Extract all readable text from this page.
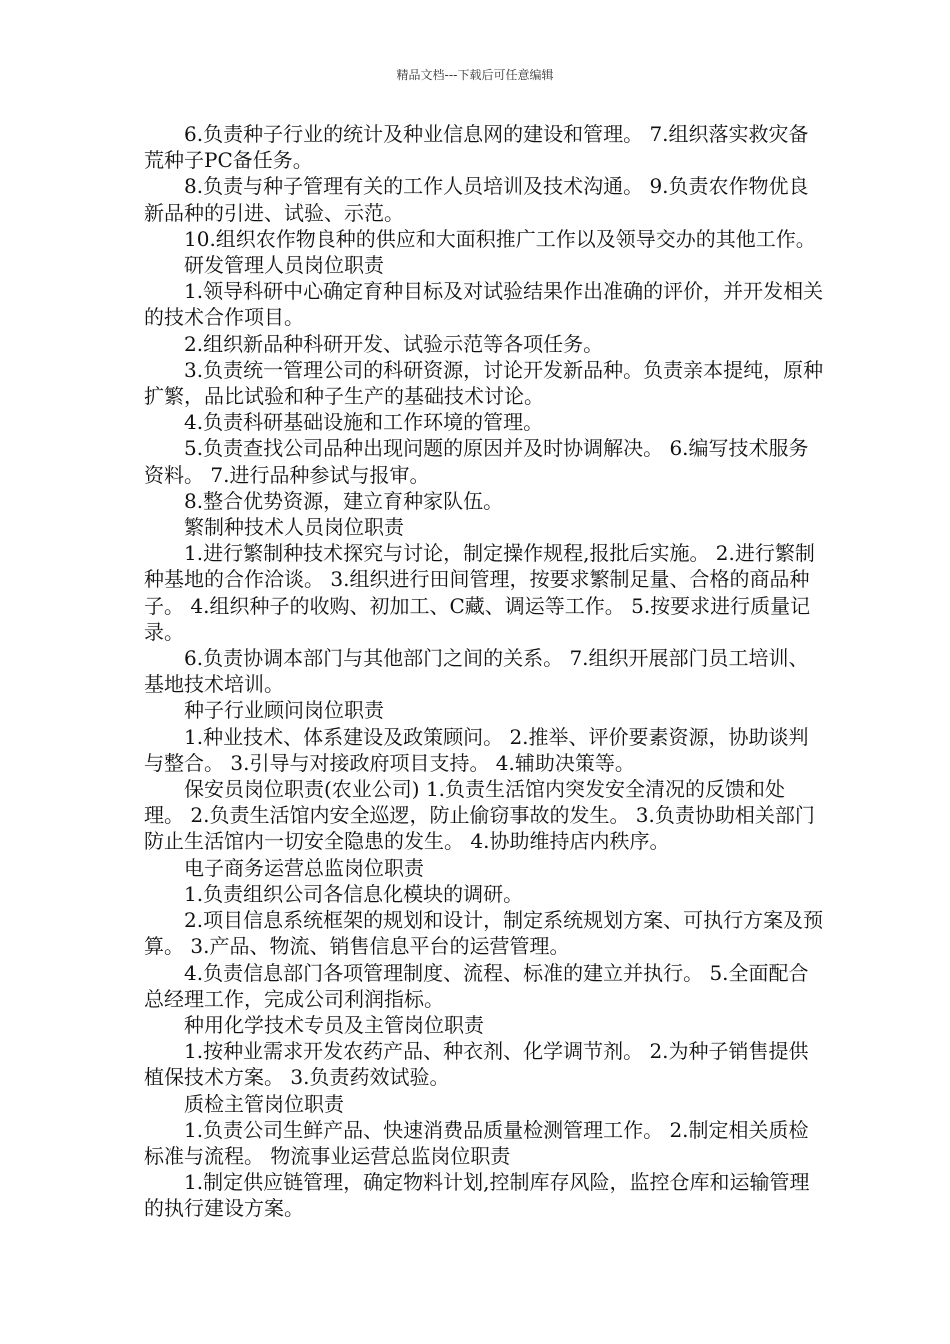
精品文档---下载后可任意编辑

6.负责种子行业的统计及种业信息网的建设和管理。 7.组织落实救灾备荒种子PC备任务。

8.负责与种子管理有关的工作人员培训及技术沟通。 9.负责农作物优良新品种的引进、试验、示范。

10.组织农作物良种的供应和大面积推广工作以及领导交办的其他工作。

研发管理人员岗位职责

1.领导科研中心确定育种目标及对试验结果作出准确的评价，并开发相关的技术合作项目。

2.组织新品种科研开发、试验示范等各项任务。

3.负责统一管理公司的科研资源，讨论开发新品种。负责亲本提纯，原种扩繁，品比试验和种子生产的基础技术讨论。

4.负责科研基础设施和工作环境的管理。

5.负责查找公司品种出现问题的原因并及时协调解决。 6.编写技术服务资料。 7.进行品种参试与报审。

8.整合优势资源，建立育种家队伍。

繁制种技术人员岗位职责

1.进行繁制种技术探究与讨论，制定操作规程,报批后实施。 2.进行繁制种基地的合作洽谈。 3.组织进行田间管理，按要求繁制足量、合格的商品种子。 4.组织种子的收购、初加工、C藏、调运等工作。 5.按要求进行质量记录。

6.负责协调本部门与其他部门之间的关系。 7.组织开展部门员工培训、基地技术培训。

种子行业顾问岗位职责

1.种业技术、体系建设及政策顾问。 2.推举、评价要素资源，协助谈判与整合。 3.引导与对接政府项目支持。 4.辅助决策等。

保安员岗位职责(农业公司) 1.负责生活馆内突发安全清况的反馈和处理。 2.负责生活馆内安全巡逻，防止偷窃事故的发生。 3.负责协助相关部门防止生活馆内一切安全隐患的发生。 4.协助维持店内秩序。

电子商务运营总监岗位职责

1.负责组织公司各信息化模块的调研。

2.项目信息系统框架的规划和设计，制定系统规划方案、可执行方案及预算。 3.产品、物流、销售信息平台的运营管理。

4.负责信息部门各项管理制度、流程、标准的建立并执行。 5.全面配合总经理工作，完成公司利润指标。

种用化学技术专员及主管岗位职责

1.按种业需求开发农药产品、种衣剂、化学调节剂。 2.为种子销售提供植保技术方案。 3.负责药效试验。

质检主管岗位职责

1.负责公司生鲜产品、快速消费品质量检测管理工作。 2.制定相关质检标准与流程。 物流事业运营总监岗位职责

1.制定供应链管理，确定物料计划,控制库存风险，监控仓库和运输管理的执行建设方案。
